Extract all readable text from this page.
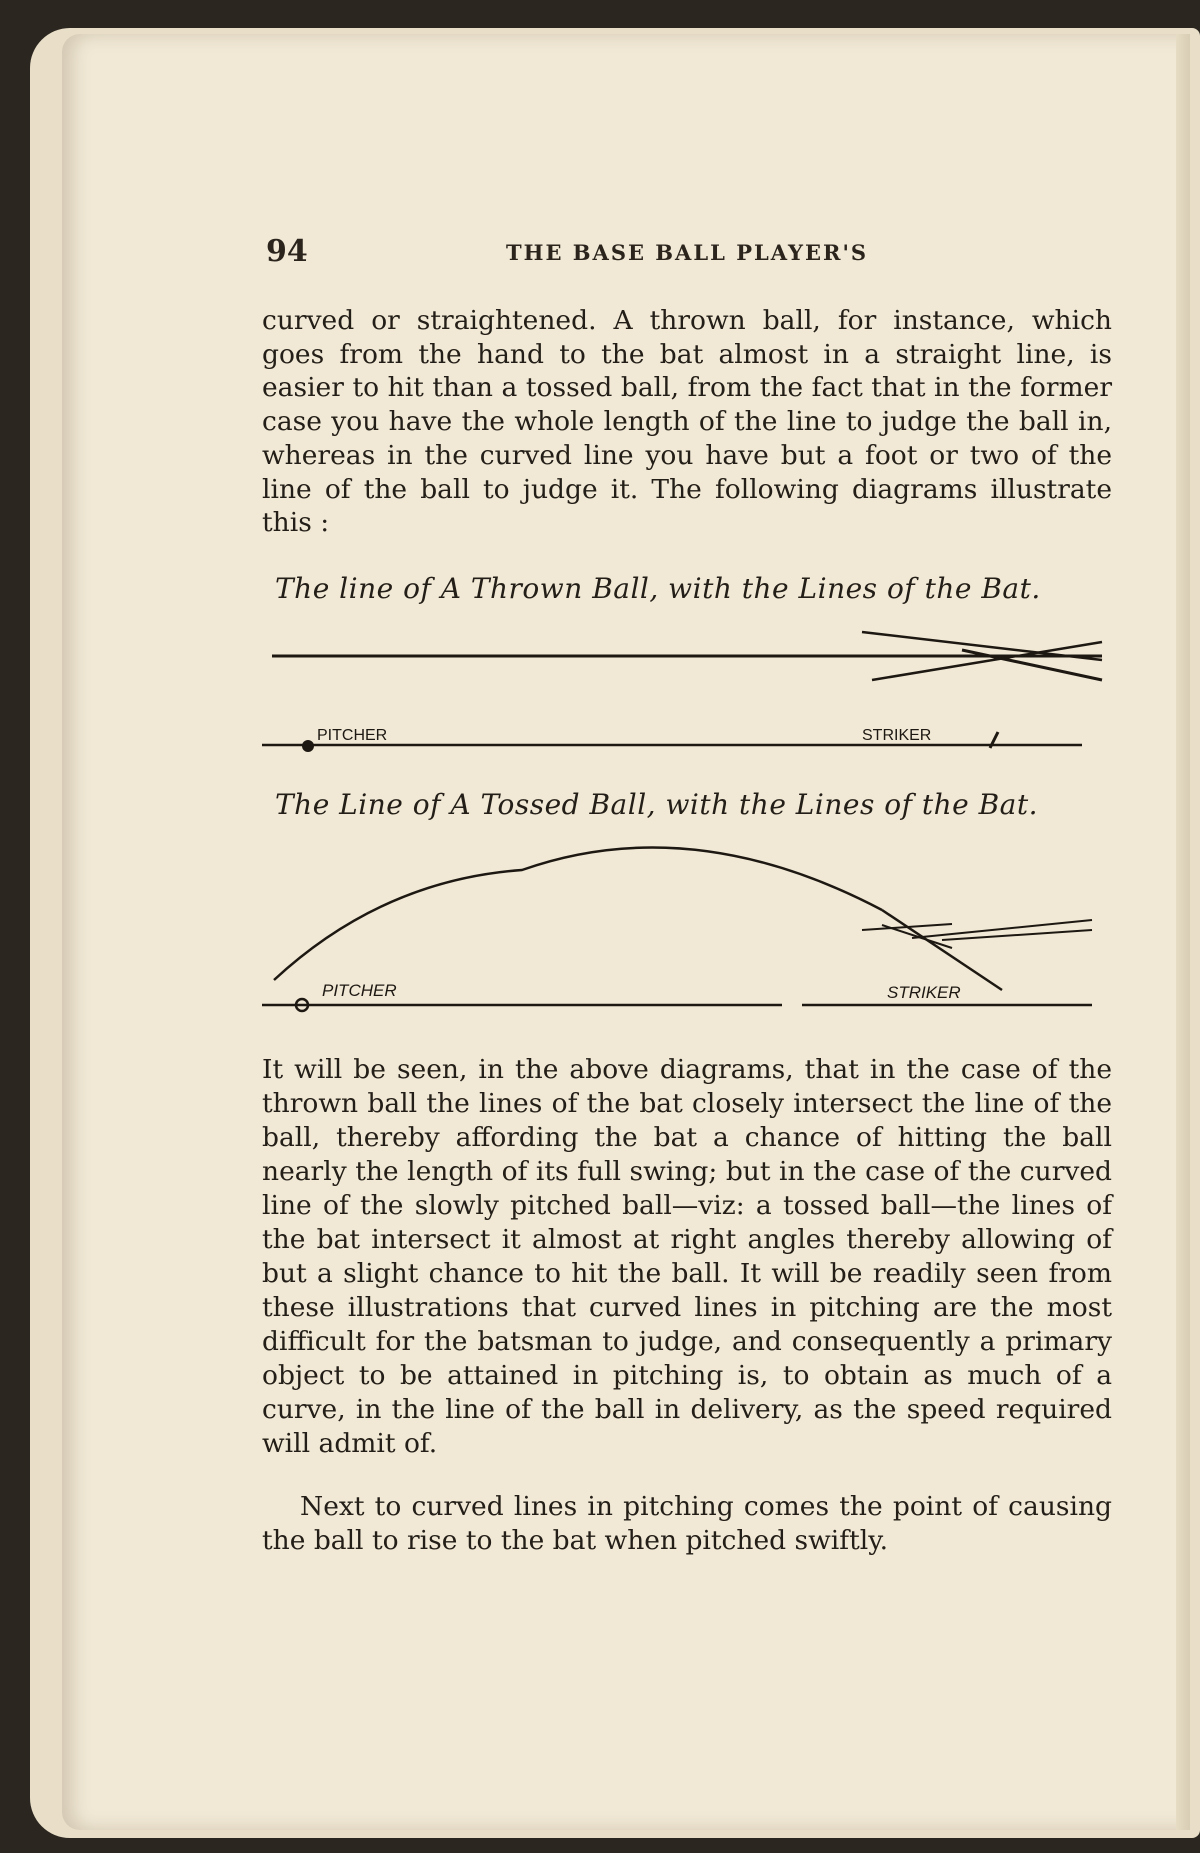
94	THE BASE BALL PLAYER'S

curved or straightened. A thrown ball, for instance, which goes from the hand to the bat almost in a straight line, is easier to hit than a tossed ball, from the fact that in the former case you have the whole length of the line to judge the ball in, whereas in the curved line you have but a foot or two of the line of the ball to judge it. The following diagrams illustrate this :

The line of A Thrown Ball, with the Lines of the Bat.
PITCHER	STRIKER
The Line of A Tossed Ball, with the Lines of the Bat.
PITCHER	STRIKER

It will be seen, in the above diagrams, that in the case of the thrown ball the lines of the bat closely intersect the line of the ball, thereby affording the bat a chance of hitting the ball nearly the length of its full swing; but in the case of the curved line of the slowly pitched ball—viz: a tossed ball—the lines of the bat intersect it almost at right angles thereby allowing of but a slight chance to hit the ball. It will be readily seen from these illustrations that curved lines in pitching are the most difficult for the batsman to judge, and consequently a primary object to be attained in pitching is, to obtain as much of a curve, in the line of the ball in delivery, as the speed required will admit of.

Next to curved lines in pitching comes the point of causing the ball to rise to the bat when pitched swiftly.
